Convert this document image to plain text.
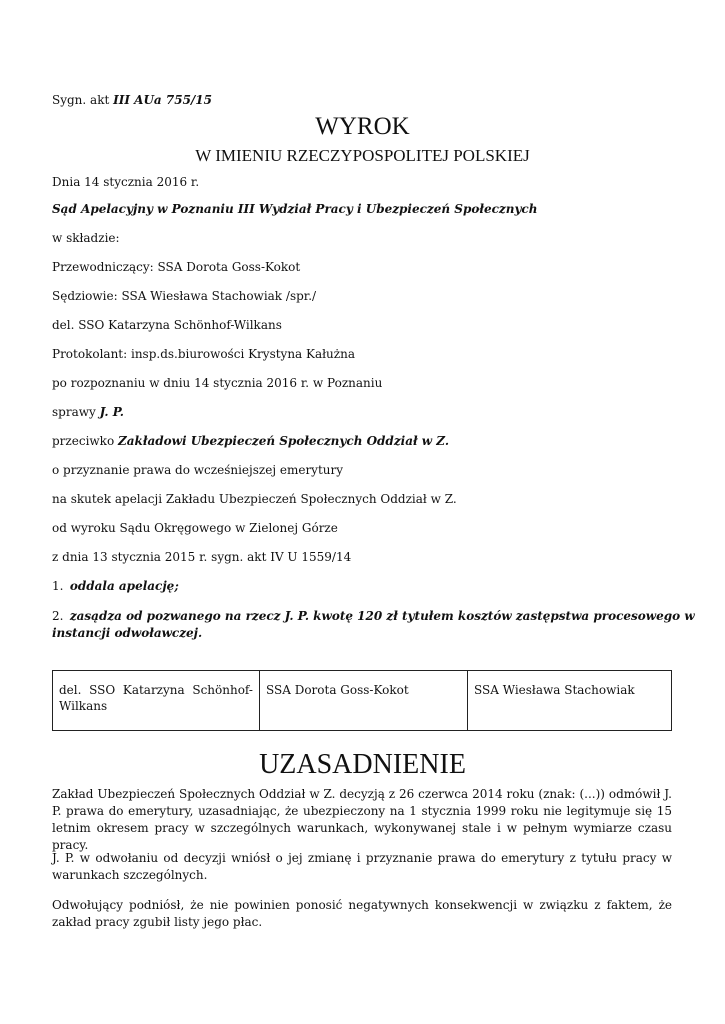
Sygn. akt III AUa 755/15
WYROK
W IMIENIU RZECZYPOSPOLITEJ POLSKIEJ
Dnia 14 stycznia 2016 r.
Sąd Apelacyjny w Poznaniu III Wydział Pracy i Ubezpieczeń Społecznych
w składzie:
Przewodniczący: SSA Dorota Goss-Kokot
Sędziowie: SSA Wiesława Stachowiak /spr./
del. SSO Katarzyna Schönhof-Wilkans
Protokolant: insp.ds.biurowości Krystyna Kałużna
po rozpoznaniu w dniu 14 stycznia 2016 r. w Poznaniu
sprawy J. P.
przeciwko Zakładowi Ubezpieczeń Społecznych Oddział w Z.
o przyznanie prawa do wcześniejszej emerytury
na skutek apelacji Zakładu Ubezpieczeń Społecznych Oddział w Z.
od wyroku Sądu Okręgowego w Zielonej Górze
z dnia 13 stycznia 2015 r. sygn. akt IV U 1559/14
1. oddala apelację;
2. zasądza od pozwanego na rzecz J. P. kwotę 120 zł tytułem kosztów zastępstwa procesowego w
instancji odwoławczej.
del. SSO Katarzyna Schönhof-Wilkans
SSA Dorota Goss-Kokot	SSA Wiesława Stachowiak
UZASADNIENIE
Zakład Ubezpieczeń Społecznych Oddział w Z. decyzją z 26 czerwca 2014 roku (znak: (...)) odmówił J. P. prawa do emerytury, uzasadniając, że ubezpieczony na 1 stycznia 1999 roku nie legitymuje się 15 letnim okresem pracy w szczególnych warunkach, wykonywanej stale i w pełnym wymiarze czasu pracy.
J. P. w odwołaniu od decyzji wniósł o jej zmianę i przyznanie prawa do emerytury z tytułu pracy w warunkach szczególnych.
Odwołujący podniósł, że nie powinien ponosić negatywnych konsekwencji w związku z faktem, że zakład pracy zgubił listy jego płac.
